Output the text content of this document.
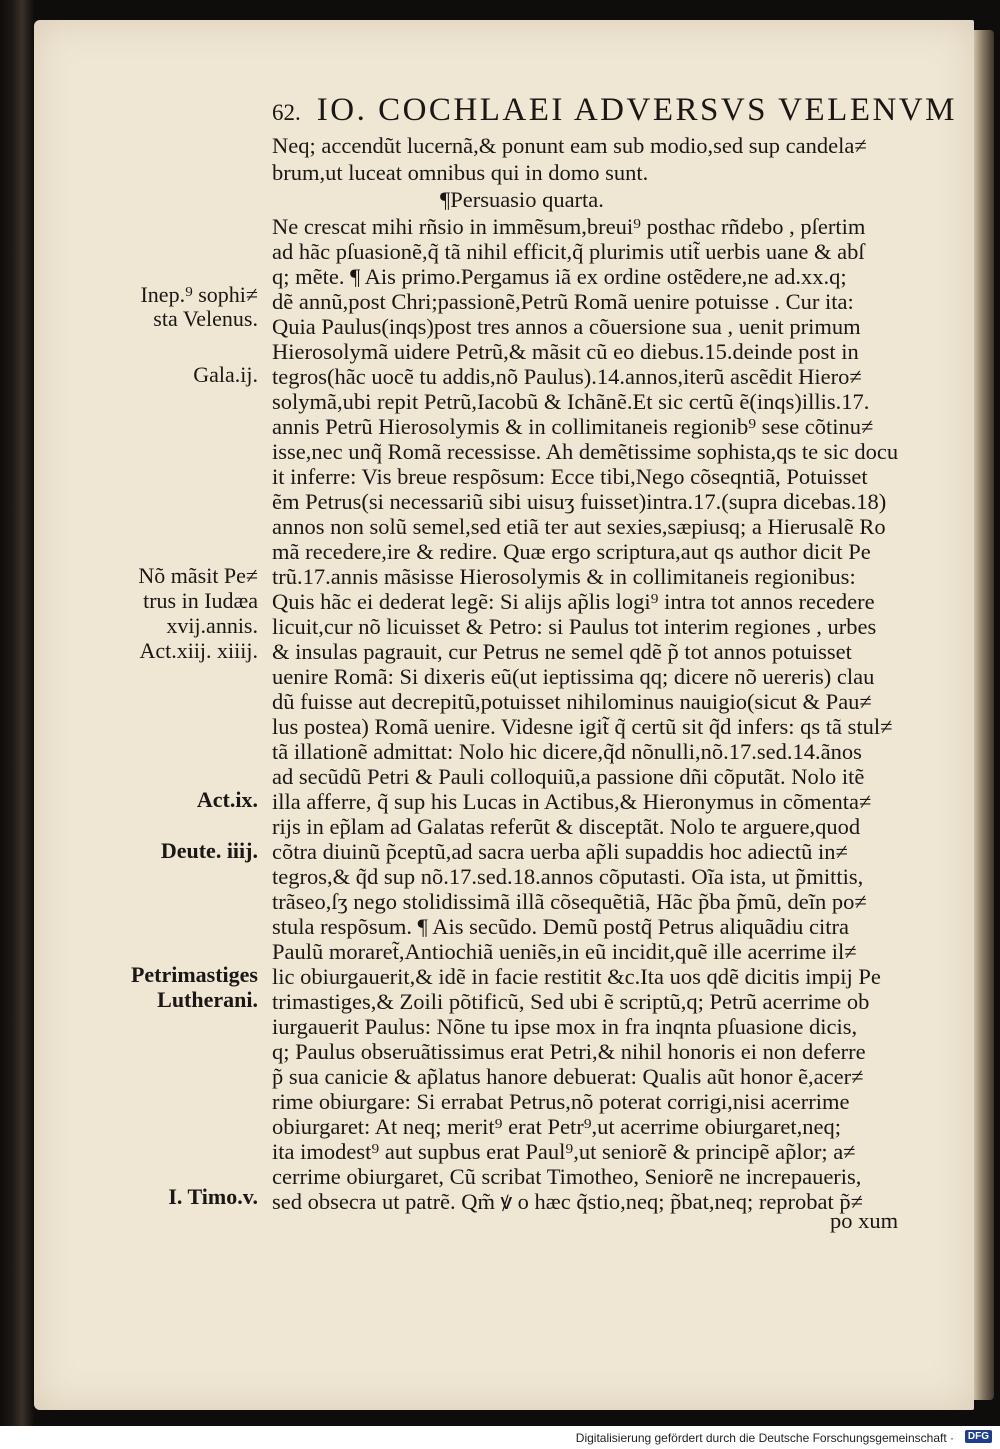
62. IO. COCHLAEI ADVERSVS VELENVM
Neq; accendũt lucernã,& ponunt eam sub modio,sed sup candela≠
brum,ut luceat omnibus qui in domo sunt.
¶Persuasio quarta.
Ne crescat mihi rñsio in immẽsum,breui⁹ posthac rñdebo , pſertim
ad hãc pſuasionẽ,q̃ tã nihil efficit,q̃ plurimis utit̃ uerbis uane & abſ
q; mẽte. ¶ Ais primo.Pergamus iã ex ordine ostẽdere,ne ad.xx.q;
dẽ annũ,post Chri;passionẽ,Petrũ Romã uenire potuisse . Cur ita:
Quia Paulus(inqs)post tres annos a cõuersione sua , uenit primum
Hierosolymã uidere Petrũ,& mãsit cũ eo diebus.15.deinde post in
tegros(hãc uocẽ tu addis,nõ Paulus).14.annos,iterũ ascẽdit Hiero≠
solymã,ubi repit Petrũ,Iacobũ & Ichãnẽ.Et sic certũ ẽ(inqs)illis.17.
annis Petrũ Hierosolymis & in collimitaneis regionib⁹ sese cõtinu≠
isse,nec unq̃ Romã recessisse. Ah demẽtissime sophista,qs te sic docu
it inferre: Vis breue respõsum: Ecce tibi,Nego cõseqntiã, Potuisset
ẽm Petrus(si necessariũ sibi uisuʒ fuisset)intra.17.(supra dicebas.18)
annos non solũ semel,sed etiã ter aut sexies,sæpiusq; a Hierusalẽ Ro
mã recedere,ire & redire. Quæ ergo scriptura,aut qs author dicit Pe
trũ.17.annis mãsisse Hierosolymis & in collimitaneis regionibus:
Quis hãc ei dederat legẽ: Si alijs ap̃lis logi⁹ intra tot annos recedere
licuit,cur nõ licuisset & Petro: si Paulus tot interim regiones , urbes
& insulas pagrauit, cur Petrus ne semel qdẽ p̃ tot annos potuisset
uenire Romã: Si dixeris eũ(ut ieptissima qq; dicere nõ uereris) clau
dũ fuisse aut decrepitũ,potuisset nihilominus nauigio(sicut & Pau≠
lus postea) Romã uenire. Videsne igit̃ q̃ certũ sit q̃d infers: qs tã stul≠
tã illationẽ admittat: Nolo hic dicere,q̃d nõnulli,nõ.17.sed.14.ãnos
ad secũdũ Petri & Pauli colloquiũ,a passione dñi cõputãt. Nolo itẽ
illa afferre, q̃ sup his Lucas in Actibus,& Hieronymus in cõmenta≠
rijs in ep̃lam ad Galatas referũt & disceptãt. Nolo te arguere,quod
cõtra diuinũ p̃ceptũ,ad sacra uerba ap̃li supaddis hoc adiectũ in≠
tegros,& q̃d sup nõ.17.sed.18.annos cõputasti. Oĩa ista, ut p̃mittis,
trãseo,ſʒ nego stolidissimã illã cõsequẽtiã, Hãc p̃ba p̃mũ, deĩn po≠
stula respõsum. ¶ Ais secũdo. Demũ postq̃ Petrus aliquãdiu citra
Paulũ moraret̃,Antiochiã ueniẽs,in eũ incidit,quẽ ille acerrime il≠
lic obiurgauerit,& idẽ in facie restitit &c.Ita uos qdẽ dicitis impij Pe
trimastiges,& Zoili põtificũ, Sed ubi ẽ scriptũ,q; Petrũ acerrime ob
iurgauerit Paulus: Nõne tu ipse mox in fra inqnta pſuasione dicis,
q; Paulus obseruãtissimus erat Petri,& nihil honoris ei non deferre
p̃ sua canicie & ap̃latus hanore debuerat: Qualis aũt honor ẽ,acer≠
rime obiurgare: Si errabat Petrus,nõ poterat corrigi,nisi acerrime
obiurgaret: At neq; merit⁹ erat Petr⁹,ut acerrime obiurgaret,neq;
ita imodest⁹ aut supbus erat Paul⁹,ut seniorẽ & principẽ ap̃lor; a≠
cerrime obiurgaret, Cũ scribat Timotheo, Seniorẽ ne increpaueris,
sed obsecra ut patrẽ. Qm̃ ꝟ o hæc q̃stio,neq; p̃bat,neq; reprobat p̃≠
po xum
Inep.⁹ sophi≠
sta Velenus.
Gala.ij.
Nõ mãsit Pe≠
trus in Iudæa
xvij.annis.
Act.xiij. xiiij.
Act.ix.
Deute. iiij.
Petrimastiges
Lutherani.
I. Timo.v.
Digitalisierung gefördert durch die Deutsche Forschungsgemeinschaft ·	DFG
